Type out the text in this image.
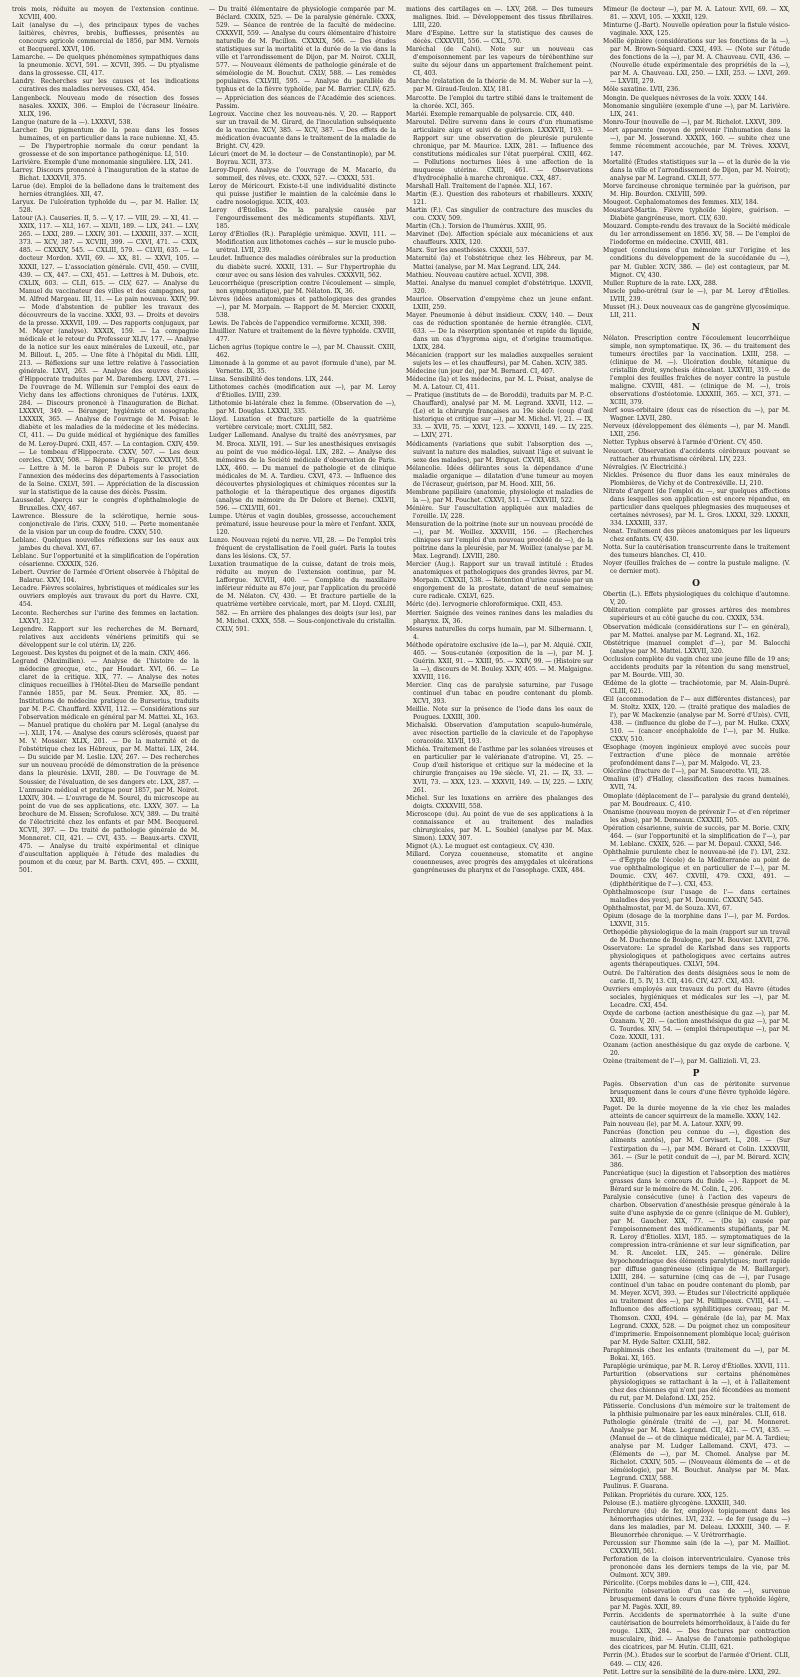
trois mois, réduite au moyen de l'extension continue. XCVIII, 400.

Lait (analyse du —), des principaux types de vaches laitières, chèvres, brebis, buffiesses, présentés au concours agricole commercial de 1856, par MM. Vernois et Becquerel. XXVI, 106.

Lamarche. — De quelques phénomènes sympathiques dans la pneumonie. XCVI, 591. — XCVII, 395. — Du ptyalisme dans la grossesse. CII, 417.

Landry. Recherches sur les causes et les indications curatives des maladies nerveuses. CXI, 454.

Langenbeck. Nouveau mode de résection des fosses nasales. XXXIX, 306. — Emploi de l'écraseur linéaire. XLIX, 196.

Langue (nature de la —). LXXXVI, 538.

Larcher. Du pigmentum de la peau dans les fosses humaines, et en particulier dans la race nubienne. XI, 45. — De l'hypertrophie normale du cœur pendant la grossesse et de son importance pathogénique. LI, 510.

Larivière. Exemple d'une monomanie singulière. LIX, 241.

Larrey. Discours prononcé à l'inauguration de la statue de Bichat. LXXXVII, 375.

Larue (de). Emploi de la belladone dans le traitement des hernies étranglées. XII, 47.

Laryux. De l'ulcération typhoïde du —, par M. Haller. LV, 528.

Latour (A.). Causeries. II, 5. — V, 17. — VIII, 29. — XI, 41. — XXIX, 117. — XLI, 167. — XLVII, 189. — LIX, 241. — LXV, 265. — LXXI, 289. — LXXIV, 301. — LXXXIII, 337. — XCII, 373. — XCV, 387. — XCVIII, 399. — CXVI, 471. — CXIX, 485. — CXXXIV, 545. — CXLIII, 579. — CLVII, 635. — Le docteur Mordon. XVII, 69. — XX, 81. — XXVI, 105. — XXXII, 127. — L'association générale. CVII, 450. — CVIII, 439. — CX, 447. — CXI, 451. — Lettres à M. Dubois, etc. CXLIX, 603. — CLII, 615. — CLV, 627. — Analyse du Manuel du vaccinateur des villes et des campagnes, par M. Alfred Margeau. III, 11. — Le pain nouveau. XXIV, 99. — Mode d'abstention de publier les travaux des découvreurs de la vaccine. XXXI, 93. — Droits et devoirs de la presse. XXXVII, 109. — Des rapports conjugaux, par M. Mayer (analyse). XXXIX, 159. — La compagnie médicale et le retour du Professeur XLIV, 177. — Analyse de la notice sur les eaux minérales de Luxeuil, etc., par M. Billout. L, 205. — Une fête à l'hôpital du Midi. LIII, 213. — Réflexions sur une lettre relative à l'association générale. LXVI, 263. — Analyse des œuvres choisies d'Hippocrate traduites par M. Daremberg. LXVI, 271. — De l'ouvrage de M. Willemin sur l'emploi des eaux de Vichy dans les affections chroniques de l'utérus. LXIX, 284. — Discours prononcé à l'inauguration de Bichat. LXXXVI, 349. — Béranger, hygiéniste et nosographe. LXXXIX, 365. — Analyse de l'ouvrage de M. Poisat: le diabète et les maladies de la médecine et les médecins. CI, 411. — Du guide médical et hygiénique des familles de M. Leroy-Dupré. CXII, 457. — La contagion. CXIV, 459. — Le tombeau d'Hippocrate. CXXV, 507. — Les deux cercles. CXXV, 508. — Réponse à Figaro. CXXXVII, 558. — Lettre à M. le baron P. Dubois sur le projet de l'annexion des médecins des départements à l'association de la Seine. CXLVI, 591. — Appréciation de la discussion sur la statistique de la cause des décès. Passim.

Laussedat. Aperçu sur le congrès d'ophthalmologie de Bruxelles. CXV, 467.

Lawrence. Blessure de la sclérotique, hernie sous-conjonctivale de l'iris. CXXV, 510. — Perte momentanée de la vision par un coup de foudre. CXXV, 510.

Leblanc. Quelques nouvelles réflexions sur les eaux aux jambes du cheval. XVI, 67.

Leblanc. Sur l'opportunité et la simplification de l'opération césarienne. CXXXIX, 526.

Lebert. Ouvrier de l'armée d'Orient observée à l'hôpital de Balaruc. XXV, 104.

Lecadre. Fièvres scolaires, hybristiques et médicales sur les ouvriers employés aux travaux du port du Havre. CXI, 454.

Leconte. Recherches sur l'urine des femmes en lactation. LXXVI, 312.

Legendre. Rapport sur les recherches de M. Bernard, relatives aux accidents vénériens primitifs qui se développent sur le col utérin. LV, 226.

Legouest. Des kystes du poignet et de la main. CXIV, 466.

Legrand (Maximilien). — Analyse de l'histoire de la médecine grecque, etc., par Houdart. XVI, 66. — Le claret de la critique. XIX, 77. — Analyse des notes cliniques recueillies à l'Hôtel-Dieu de Marseille pendant l'année 1855, par M. Seux. Premier. XX, 85. — Institutions de médecine pratique de Burserius, traduits par M. P.-C. Chauffard. XXVII, 112. — Considérations sur l'observation médicale en général par M. Mattei. XL, 163. — Manuel pratique du choléra par M. Legal (analyse du —). XLII, 174. — Analyse des cœurs sclérosés, quaest par M. V. Mossier. XLIX, 201. — De la maternité et de l'obstétrique chez les Hébreux, par M. Mattei. LIX, 244. — Du suicide par M. Leslie. LXV, 267. — Des recherches sur un nouveau procédé de démonstration de la présence dans la pleurésie. LXVII, 280. — De l'ouvrage de M. Soussier, de l'évaluation, de ses dangers etc. LXX, 287. — L'annuaire médical et pratique pour 1857, par M. Noirot. LXXIV, 304. — L'ouvrage de M. Sourel, du microscope au point de vue de ses applications, etc. LXXV, 307. — La brochure de M. Eissen; Scrofulose. XCV, 389. — Du traité de l'électricité chez les enfants et par MM. Becquerel. XCVII, 397. — Du traité de pathologie générale de M. Monneret. CII, 421. — CVI, 435. — Beaux-arts. CXVII, 475. — Analyse du traité expérimental et clinique d'auscultation appliquée à l'étude des maladies du poumon et du cœur, par M. Barth. CXVI, 495. — CXXIII, 501.

— Du traité élémentaire de physiologie comparée par M. Béclard. CXXIX, 525. — De la paralysie générale. CXXX, 529. — Séance de rentrée de la faculté de médecine. CXXXVII, 559. — Analyse du cours élémentaire d'histoire naturelle de M. Pacillon. CXXXIX, 566. — Des études statistiques sur la mortalité et la durée de la vie dans la ville et l'arrondissement de Dijon, par M. Noirot. CXLII, 577. — Nouveaux éléments de pathologie générale et de séméiologie de M. Bouchut. CXLV, 588. — Les remèdes populaires. CXLVIII, 595. — Analyse du parallèle du typhus et de la fièvre typhoïde, par M. Barrier. CLIV, 625. — Appréciation des séances de l'Académie des sciences. Passim.

Legroux. Vaccine chez les nouveau-nés. V, 20. — Rapport sur un travail de M. Girard, de l'inoculation subséquente de la vaccine. XCV, 385. — XCV, 387. — Des effets de la médication évacuante dans le traitement de la maladie de Bright. CV, 429.

Lécuri (mort de M. le docteur — de Constantinople), par M. Boyrau. XCII, 373.

Leroy-Dupré. Analyse de l'ouvrage de M. Macario, du sommeil, des rêves, etc. CXXX, 527. — CXXXI, 531.

Leroy de Méricourt. Existe-t-il une individualité distincte qui puisse justifier le maintien de la calcémie dans le cadre nosologique. XCIX, 403.

Leroy d'Étiolles. De la paralysie causée par l'engourdissement des médicaments stupéfiants. XLVI, 185.

Leroy d'Étiolles (R.). Paraplégie urémique. XXVII, 111. — Modification aux lithotomes cachés — sur le muscle pubo-urétral. LVII, 239.

Leudet. Influence des maladies cérébrales sur la production du diabète sucré. XXXII, 131. — Sur l'hypertrophie du cœur avec ou sans lésion des valvules. CXXXVII, 562.

Leucorrhéique (prescription contre l'écoulement — simple, non symptomatique), par M. Nélaton. IX, 36.

Lèvres (idées anatomiques et pathologiques des grandes —), par M. Morpain. — Rapport de M. Mercier. CXXXII, 538.

Lewis. De l'abcès de l'appendice vermiforme. XCXII, 398.

Lhuillier. Nature et traitement de la fièvre typhoïde. CXVIII, 477.

Lichen agrius (topique contre le —), par M. Chaussit. CXIII, 462.

Limonade à la gomme et au pavot (formule d'une), par M. Vernette. IX, 35.

Linsa. Sensibilité des tendons. LIX, 244.

Lithotomes cachés (modification aux —), par M. Leroy d'Étiolles. LVIII, 239.

Lithotomie bi-latérale chez la femme. (Observation de —), par M. Douglas. LXXXII, 335.

Lloyd. Luxation et fracture partielle de la quatrième vertèbre cervicale; mort. CXLIII, 582.

Ludger Lallemand. Analyse du traité des anévrysmes, par M. Broca. XLVII, 191. — Sur les anesthésiques envisagés au point de vue médico-légal. LIX, 282. — Analyse des mémoires de la Société médicale d'observation de Paris. LXX, 460. — Du manuel de pathologie et de clinique médicales de M. A. Tardieu. CXVI, 473. — Influence des découvertes physiologiques et chimiques récentes sur la pathologie et la thérapeutique des organes digestifs (analyse du mémoire du Dr Delore et Berne). CXLVII, 596. — CXLVIII, 601.

Lumpe. Utérus et vagin doubles, grossesse, accouchement prématuré, issue heureuse pour la mère et l'enfant. XXIX, 120.

Lunzo. Nouveau rejeté du nerve. VII, 28. — De l'emploi très fréquent de crystallisation de l'oeil guéri. Paris la toutes dans les lésions. CX, 57.

Luxation traumatique de la cuisse, datant de trois mois, réduite au moyen de l'extension continue, par M. Lafforgue. XCVIII, 400. — Complète du maxillaire inférieur réduite au 87e jour, par l'application du procédé de M. Nélaton. CV, 430. — Et fracture partielle de la quatrième vertèbre cervicale, mort, par M. Lloyd. CXLIII, 582. — En arrière des phalanges des doigts (sur les), par M. Michel. CXXX, 558. — Sous-conjonctivale du cristallin. CXLV, 591.

mations des cartilages en —. LXV, 268. — Des tumeurs malignes. Ibid. — Développement des tissus fibrillaires. LIII, 220.

Mare d'Espine. Lettre sur la statistique des causes de décès. CXXXVIII, 556. — CXL, 570.

Maréchal (de Calvi). Note sur un nouveau cas d'empoisonnement par les vapeurs de térébenthine sur suite du séjour dans un appartement fraîchement peint. CI, 403.

Marche (relatation de la théorie de M. M. Weber sur la —), par M. Giraud-Teulon. XLV, 181.

Marcotte. De l'emploi du tartre stibié dans le traitement de la chorée. XCI, 365.

Mariéi. Exemple remarquable de polysarcie. CIX, 440.

Maroutel. Délire survenu dans le cours d'un rhumatisme articulaire aigu et suivi de guérison. LXXXVII, 193. — Rapport sur une observation de pleurésie purulente chronique, par M. Maurice. LXIX, 281. — Influence des constitutions médicales sur l'état puerpéral. CXIII, 462. — Pollutions nocturnes liées à une affection de la muqueuse utérine. CXIII, 461. — Observations d'hydrocéphalie à marche chronique. CXX, 487.

Marshall Hall. Traitement de l'apnée. XLI, 167.

Martin (E.). Question des raboteurs et rhabilleurs. XXXIV, 121.

Martin (F.). Cas singulier de contracture des muscles du cou. CXXV, 509.

Martin (Ch.). Torsion de l'humérus. XXIII, 95.

Marvinet (De). Affection spéciale aux mécaniciens et aux chauffeurs. XXIX, 120.

Marx. Sur les anesthésies. CXXXII, 537.

Maternité (la) et l'obstétrique chez les Hébreux, par M. Mattei (analyse, par M. Max Legrand. LIX, 244.

Mathieu. Nouveau cautère actuel. XCVII, 398.

Mattei. Analyse du manuel complet d'obstétrique. LXXVII, 320.

Maurice. Observation d'empyème chez un jeune enfant. LXIII, 259.

Mayer. Pneumonie à début insidieux. CXXV, 140. — Deux cas de réduction spontanée de hernie étranglée. CLVI, 633. — De la résorption spontanée et rapide du liquide, dans un cas d'hygroma aigu, et d'origine traumatique. LXIX, 284.

Mécanicien (rapport sur les maladies auxquelles seraient sujets les — et les chauffeurs), par M. Cahen. XCIV, 385.

Médecine (un jour de), par M. Bernard. CI, 407.

Médecine (la) et les médecins, par M. L. Poisat, analyse de M. A. Latour. CI, 411.

— Pratique (instituts de — de Boroddi), traduits par M. P.-C. Chauffard), analysé par M. M. Legrand. XXVII, 112. — (Le) et la chirurgie françaises au 19e siècle (coup d'œil historique et critique sur —), par M. Michel. VI, 21. — IX, 33. — XVII, 75. — XXVI, 123. — XXXVII, 149. — LV, 225. — LXIV, 271.

Médicaments (variations que subit l'absorption des —, suivant la nature des maladies, suivant l'âge et suivant le sexe des malades), par M. Briquet. CXVIII, 483.

Mélancolie. Idées délirantes sous la dépendance d'une maladie organique — dilatation d'une tumeur au moyen de l'écraseur, guérison, par M. Hood. XIII, 56.

Membrane papillaire (anatomie, physiologie et maladies de la —), par M. Pouchet. CXXVI, 511. — CXXVIII, 522.

Ménière. Sur l'auscultation appliquée aux maladies de l'oreille. LV, 228.

Mensuration de la poitrine (note sur un nouveau procédé de —), par M. Woillez. XXXVIII, 156. — (Recherches cliniques sur l'emploi d'un nouveau procédé de —), de la poitrine dans la pleurésie, par M. Woillez (analyse par M. Max. Legrand). LXVIII, 280.

Mercier (Aug.). Rapport sur un travail intitulé : Études anatomiques et pathologiques des grandes lèvres, par M. Morpain. CXXXII, 538. — Rétention d'urine causée par un engorgement de la prostate, datant de neuf semaines; cure radicale. CXLVI, 625.

Méric (de). Iervognerie chloroformique. CXII, 453.

Merrier. Saignée des veines ranines dans les maladies du pharynx. IX, 36.

Mesures naturelles du corps humain, par M. Silbermann. I, 4.

Méthode opératoire exclusive (de la—), par M. Alquié. CXII, 465. — Sous-cutanée (exposition de la —), par M. J. Guérin. XXII, 91. — XXIII, 95. — XXIV, 99. — (Histoire sur la —), discours de M. Bouley. XXIV, 405. — M. Malgaigne. XXVIII, 116.

Mercier. Cinq cas de paralysie saturnine, par l'usage continuel d'un tabac en poudre contenant du plomb. XCVI, 393.

Meillie. Note sur la présence de l'iode dans les eaux de Pougues. LXXIII, 300.

Michalski. Observation d'amputation scapulo-humérale, avec résection partielle de la clavicule et de l'apophyse coracoïde. XLVII, 193.

Michéa. Traitement de l'asthme par les solanées vireuses et en particulier par le valérianate d'atropine. VI, 25. — Coup d'œil historique et critique sur la médecine et la chirurgie françaises au 19e siècle. VI, 21. — IX, 33. — XVII, 73. — XXX, 123. — XXXVII, 149. — LV, 225. — LXIV, 261.

Michel. Sur les luxations en arrière des phalanges des doigts. CXXXVIII, 558.

Microscope (du). Au point de vue de ses applications à la connaissance et au traitement des maladies chirurgicales, par M. L. Soubiel (analyse par M. Max. Simon). LXXV, 307.

Mignot (A.). Le muguet est contagieux. CV, 430.

Millard. Coryza couenneuse, stomatite et angine couenneuses, avec progrès des amygdales et ulcérations gangréneuses du pharynx et de l'œsophage. CXIX, 484.

Mimeur (le docteur —), par M. A. Latour. XVII, 69. — XX, 81. — XXVI, 105. — XXXII, 129.

Minturne (J.-Bart). Nouvelle opération pour la fistule vésico-vaginale. XXX, 125.

Moëlle épinière (considérations sur les fonctions de la —), par M. Brown-Séquard. CXXI, 493. — (Note sur l'étude des fonctions de la —), par M. A. Chauveau. CVII, 436. — (Nouvelle étude expérimentale des propriétés de la —), par M. A. Chauveau. LXI, 250. — LXII, 253. — LXVI, 269. — LXVIII, 279.

Môle saxatine. LVII, 236.

Mongin. De quelques névroses de la voix. XXXV, 144.

Monomanie singulière (exemple d'une —), par M. Larivière. LIX, 241.

Monro-Tour (nouvelle de —), par M. Richelot. LXXVI, 309.

Mort apparente (moyen de prévenir l'inhumation dans la —), par M. Josserand. XXXIX, 160. — subite chez une femme récemment accouchée, par M. Trèves. XXXVI, 147.

Mortalité (Études statistiques sur la — et la durée de la vie dans la ville et l'arrondissement de Dijon, par M. Noirot); analyse par M. Legrand. CXLII, 577.

Morve farcineuse chronique terminée par la guérison, par M. Hip. Bourdon. CXLVIII, 599.

Mougeot. Cephalomatomes des femmes. XLV, 184.

Moustard-Martin. Fièvre typhoïde légère, guérison. — Diabète gangréneuse, mort. CLV, 630.

Mouzard. Compte-rendu des travaux de la Société médicale du 1er arrondissement en 1856. XV, 58. — De l'emploi de l'iodoforme en médecine. CXVIII, 481.

Muguet (conclusions d'un mémoire sur l'origine et les conditions du développement de la succédanée du —), par M. Gubler. XCIV, 386. — (le) est contagieux, par M. Mignot. CV, 430.

Muller. Rupture de la rate. LXX, 288.

Muscle pubo-urétral (sur le —), par M. Leroy d'Étiolles. LVIII, 239.

Musset (H.). Deux nouveaux cas de gangrène glycosémique. LII, 211.

N

Nélaton. Prescription contre l'écoulement leucorrhéique simple, non symptomatique. IX, 36. — du traitement des tumeurs érectiles par la vaccination. LXIII, 258. — (clinique de M. —). Ulcération double, tétanique du cristallin droit, synchesis étincelant. LXXVIII, 319. — de l'emploi des feuilles fraîches de noyer contre la pustule maligne. CXVIII, 481. — (clinique de M. —), trois observations d'ostéotomie. LXXXIII, 365. — XCI, 371. — XCIII, 379.

Nerf sous-orbitaire (deux cas de résection du —), par M. Wagner. LXVII, 280.

Nerveux (développement des éléments —), par M. Mandl. LXII, 256.

Netter. Typhus observé à l'armée d'Orient. CV, 450.

Neucourt. Observation d'accidents cérébraux pouvant se rattacher au rhumatisme cérébral. LIV, 223.

Névralgies. (V. Électricité.)

Nickles. Présence du fluor dans les eaux minérales de Plombières, de Vichy et de Contrexéville. LI, 210.

Nitrate d'argent (de l'emploi du —, sur quelques affections dans lesquelles son application est encore répandue, en particulier dans quelques phlegmasies des muqueuses et certaines névroses), par M. L. Gros. LXXXI, 329. LXXXII, 334. LXXXIII, 337.

Nonat. Traitement des pièces anatomiques par les liqueurs chez enfants. CV, 430.

Notta. Sur la cautérisation transcurrente dans le traitement des tumeurs blanches. CI, 410.

Noyer (feuilles fraîches de — contre la pustule maligne. (V. ce dernier mot).

O

Obertin (L.). Effets physiologiques du colchique d'automne. V, 20.

Obliteration complète par grosses artères des membres supérieurs et au côté gauche du cou. CXXIX, 534.

Observation médicale (considérations sur l'— en général), par M. Mattei. analyse par M. Legrand. XL, 162.

Obstétrique (manuel complet d'—), par M. Balocchi (analyse par M. Mattei. LXXVII, 320.

Occlusion complète du vagin chez une jeune fille de 19 ans; accidents produits par la rétention du sang menstruel, par M. Bourde. VIII, 30.

Œdème de la glotte — trachéotomie, par M. Alain-Dupré. CLIII, 621.

Œil (accommodation de l'— aux différentes distances), par M. Stoltz. XXIX, 120. — (traité pratique des maladies de l'), par W. Mackenzie (analyse par M. Sorré d'Uzès). CVII, 438. — (influence du globe de l'—), par M. Hulke. CXXV, 510. — (cancer encéphaloïde de l'—), par M. Hulke. CXXV, 510.

Œsophage (moyen ingénieux employé avec succès pour l'extraction d'une pièce de monnaie arrêtée profondément dans l'—), par M. Malgodo. VI, 23.

Olécrâne (fracture de l'—), par M. Saucerotte. VII, 28.

Omalius (d') d'Halloy, classification des races humaines. XVII, 74.

Omoplate (déplacement de l'— paralysie du grand dentelé), par M. Boudreaux. C, 410.

Onanisme (nouveau moyen de prévenir l'— et d'en réprimer les abus), par M. Demeaux. CXXXIII, 505.

Opération césarienne, suivie de succès, par M. Borie. CXIV, 464. — (sur l'opportunité et la simplification de l'—), par M. Leblanc. CXXIX, 526. — par M. Depaul. CXXXI, 546.

Ophthalmie purulente chez le nouveau-né (de l'). LVI, 232. — d'Égypte (de l'école) de la Méditerranée au point de vue ophthalmologique et en particulier de l'—), par M. Doumic. CXV, 467. CXVIII, 479. CXXI, 491. — (diphthéritique de l'—). CXI, 453.

Ophthalmoscope (sur l'usage de l'— dans certaines maladies des yeux), par M. Doumic. CXXXIV, 545.

Ophthalmostat, par M. de Souza. XVI, 67.

Opium (dosage de la morphine dans l'—), par M. Fordos. LXXVII, 315.

Orthopédie physiologique de la main (rapport sur un travail de M. Duchenne de Boulogne, par M. Bouvier. LXVII, 276.

Osservatore: Le spradel de Karlsbad dans ses rapports physiologiques et pathologiques avec certains autres agents thérapeutiques. CXLVI, 594.

Outré. De l'altération des dents désignées sous le nom de carie. II, 5. IV, 13. CII, 416. CIV, 427. CXI, 453.

Ouvriers employés aux travaux du port du Havre (études sociales, hygiéniques et médicales sur les —), par M. Lecadre. CXI, 454.

Oxyde de carbone (action anesthésique du gaz —), par M. Ozanam. V, 20. — (action anesthésique du gaz —), par M. G. Tourdes. XIV, 54. — (emploi thérapeutique —), par M. Coze. XXXII, 131.

Ozanam (action anesthésique du gaz oxyde de carbone. V, 20.

Ozène (traitement de l'—), par M. Gallizioli. VI, 23.

P

Pagès. Observation d'un cas de péritonite survenue brusquement dans le cours d'une fièvre typhoïde légère. XXII, 89.

Paget. De la durée moyenne de la vie chez les malades atteints de cancer squirreux de la mamelle. XXXV, 142.

Pain nouveau (le), par M. A. Latour. XXIV, 99.

Pancréas (fonction peu connue du —), digestion des aliments azotés), par M. Corvisart. L, 208. — (Sur l'extirpation du —), par MM. Bérard et Colin. LXXXVIII, 361. — (Sur le petit conduit de —), par M. Bérard. XCIV, 386.

Pancréatique (suc) la digestion et l'absorption des matières grasses dans le concours du fluide —). Rapport de M. Bérard sur le mémoire de M. Colin. L, 206.

Paralysie consécutive (une) à l'action des vapeurs de charbon. Observation d'anesthésie presque générale à la suite d'une asphyxie de ce genre (clinique de M. Gubler), par M. Gaucher. XIX, 77. — (De la) causée par l'empoisonnement des médicaments stupéfiants, par M. R. Leroy d'Étiolles. XLVI, 185. — symptomatiques de la compression intra-crânienne et sur leur signification, par M. R. Ancelet. LIX, 245. — générale. Délire hypochondriaque des éléments paralytiques; mort rapide par diffuse gangréneuse (clinique de M. Baillarger). LXIII, 284. — saturnine (cinq cas de —), par l'usage continuel d'un tabac en poudre contenant du plomb, par M. Meyer. XCVI, 393. — Études sur l'électricité appliquée au traitement des —), par M. Pâlllipeaux. CVIII, 441. — Influence des affections syphilitiques cerveau; par M. Thomson. CXXI, 494. — générale (de la), par M. Max Legrand. CXXX, 528. — Du poignet chez un compositeur d'imprimerie. Empoisonnement plombique local; guérison par M. Hyde Salter. CXLIII, 582.

Paraphimosis chez les enfants (traitement du —), par M. Bokai. XI, 165.

Paraplégie urémique, par M. R. Leroy d'Étiolles. XXVII, 111.

Parturition (observations sur certains phénomènes physiologiques se rattachant à la —), et à l'allaitement chez des chiennes qui n'ont pas été fécondées au moment du rut, par M. Delafond. LXI, 252.

Pâtisserie. Conclusions d'un mémoire sur le traitement de la phthisie pulmonaire par les eaux minérales. CLII, 618.

Pathologie générale (traité de —), par M. Monneret. Analyse par M. Max. Legrand. CII, 421. — CVI, 435. — (Manuel de — et de clinique médicale), par M. A. Tardieu; analyse par M. Ludger Lallemand. CXVI, 473. — (Éléments de —), par M. Chomel. Analyse par M. Richelot. CXXIV, 505. — (Nouveaux éléments de — et de séméiologie), par M. Bouchut. Analyse par M. Max. Legrand. CXLV, 588.

Paulinus. F. Guarana.

Pelikan. Propriétés du curare. XXX, 125.

Pelouse (E.). matière glycogène. LXXXIII, 340.

Perchlorure (du) de fer, employé topiquement dans les hémorrhagies utérines. LVI, 232. — de fer (usage du —) dans les maladies, par M. Deleau. LXXXIII, 340. — F. Bleunorrhée chronique. — V. Urétrorrhagie.

Percussion sur l'homme sain (de la —), par M. Mailliot. CXXXVIII, 561.

Perforation de la cloison interventriculaire. Cyanose très prononcée dans les derniers temps de la vie, par M. Oulmont. XCV, 389.

Péricolite. (Corps mobiles dans le —), CIII, 424.

Péritonite (observation d'un cas de —), survenue brusquement dans le cours d'une fièvre typhoïde légère, par M. Pagès. XXII, 89.

Perrin. Accidents de spermatorrhée à la suite d'une cautérisation de bourrelets hémorrhoïdaux, à l'aide du fer rouge. LXIX, 284. — Des fractures par contraction musculaire, ibid. — Analyse de l'anatomie pathologique des cicatrices, par M. Hutin. CLIII, 621.

Perrin (M.). Études sur le scorbut de l'armée d'Orient. CLII, 649. — CLV, 426.

Petit. Lettre sur la sensibilité de la dure-mère. LXXI, 292.
